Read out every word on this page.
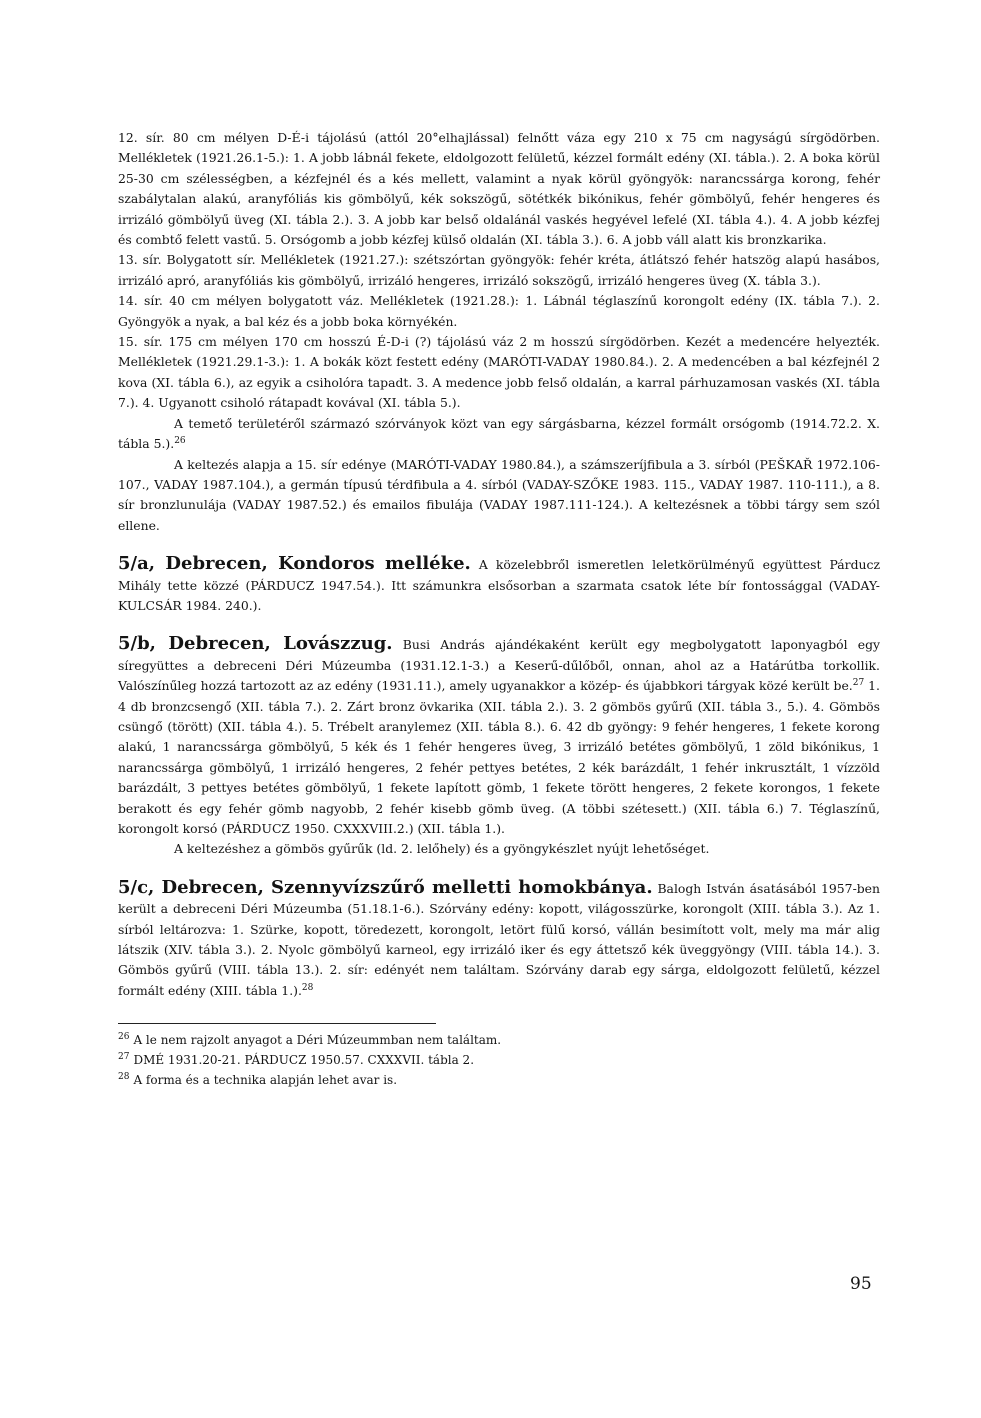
12. sír. 80 cm mélyen D-É-i tájolású (attól 20°elhajlással) felnőtt váza egy 210 x 75 cm nagyságú sírgödörben. Mellékletek (1921.26.1-5.): 1. A jobb lábnál fekete, eldolgozott felületű, kézzel formált edény (XI. tábla.). 2. A boka körül 25-30 cm szélességben, a kézfejnél és a kés mellett, valamint a nyak körül gyöngyök: narancssárga korong, fehér szabálytalan alakú, aranyfóliás kis gömbölyű, kék sokszögű, sötétkék bikónikus, fehér gömbölyű, fehér hengeres és irrizáló gömbölyű üveg (XI. tábla 2.). 3. A jobb kar belső oldalánál vaskés hegyével lefelé (XI. tábla 4.). 4. A jobb kézfej és combtő felett vastű. 5. Orsógomb a jobb kézfej külső oldalán (XI. tábla 3.). 6. A jobb váll alatt kis bronzkarika.

13. sír. Bolygatott sír. Mellékletek (1921.27.): szétszórtan gyöngyök: fehér kréta, átlátszó fehér hatszög alapú hasábos, irrizáló apró, aranyfóliás kis gömbölyű, irrizáló hengeres, irrizáló sokszögű, irrizáló hengeres üveg (X. tábla 3.).

14. sír. 40 cm mélyen bolygatott váz. Mellékletek (1921.28.): 1. Lábnál téglaszínű korongolt edény (IX. tábla 7.). 2. Gyöngyök a nyak, a bal kéz és a jobb boka környékén.

15. sír. 175 cm mélyen 170 cm hosszú É-D-i (?) tájolású váz 2 m hosszú sírgödörben. Kezét a medencére helyezték. Mellékletek (1921.29.1-3.): 1. A bokák közt festett edény (MARÓTI-VADAY 1980.84.). 2. A medencében a bal kézfejnél 2 kova (XI. tábla 6.), az egyik a csiholóra tapadt. 3. A medence jobb felső oldalán, a karral párhuzamosan vaskés (XI. tábla 7.). 4. Ugyanott csiholó rátapadt kovával (XI. tábla 5.).

A temető területéről származó szórványok közt van egy sárgásbarna, kézzel formált orsógomb (1914.72.2. X. tábla 5.).$^{26}$

A keltezés alapja a 15. sír edénye (MARÓTI-VADAY 1980.84.), a számszeríjfibula a 3. sírból (PEŠKAŘ 1972.106-107., VADAY 1987.104.), a germán típusú térdfibula a 4. sírból (VADAY-SZŐKE 1983. 115., VADAY 1987. 110-111.), a 8. sír bronzlunulája (VADAY 1987.52.) és emailos fibulája (VADAY 1987.111-124.). A keltezésnek a többi tárgy sem szól ellene.

5/a, Debrecen, Kondoros melléke. A közelebbről ismeretlen leletkörülményű együttest Párducz Mihály tette közzé (PÁRDUCZ 1947.54.). Itt számunkra elsősorban a szarmata csatok léte bír fontossággal (VADAY-KULCSÁR 1984. 240.).

5/b, Debrecen, Lovászzug. Busi András ajándékaként került egy megbolygatott laponyagból egy síregyüttes a debreceni Déri Múzeumba (1931.12.1-3.) a Keserű-dűlőből, onnan, ahol az a Határútba torkollik. Valószínűleg hozzá tartozott az az edény (1931.11.), amely ugyanakkor a közép- és újabbkori tárgyak közé került be.$^{27}$ 1. 4 db bronzcsengő (XII. tábla 7.). 2. Zárt bronz övkarika (XII. tábla 2.). 3. 2 gömbös gyűrű (XII. tábla 3., 5.). 4. Gömbös csüngő (törött) (XII. tábla 4.). 5. Trébelt aranylemez (XII. tábla 8.). 6. 42 db gyöngy: 9 fehér hengeres, 1 fekete korong alakú, 1 narancssárga gömbölyű, 5 kék és 1 fehér hengeres üveg, 3 irrizáló betétes gömbölyű, 1 zöld bikónikus, 1 narancssárga gömbölyű, 1 irrizáló hengeres, 2 fehér pettyes betétes, 2 kék barázdált, 1 fehér inkrusztált, 1 vízzöld barázdált, 3 pettyes betétes gömbölyű, 1 fekete lapított gömb, 1 fekete törött hengeres, 2 fekete korongos, 1 fekete berakott és egy fehér gömb nagyobb, 2 fehér kisebb gömb üveg. (A többi szétesett.) (XII. tábla 6.) 7. Téglaszínű, korongolt korsó (PÁRDUCZ 1950. CXXXVIII.2.) (XII. tábla 1.).

A keltezéshez a gömbös gyűrűk (ld. 2. lelőhely) és a gyöngykészlet nyújt lehetőséget.

5/c, Debrecen, Szennyvízszűrő melletti homokbánya. Balogh István ásatásából 1957-ben került a debreceni Déri Múzeumba (51.18.1-6.). Szórvány edény: kopott, világosszürke, korongolt (XIII. tábla 3.). Az 1. sírból leltározva: 1. Szürke, kopott, töredezett, korongolt, letört fülű korsó, vállán besimított volt, mely ma már alig látszik (XIV. tábla 3.). 2. Nyolc gömbölyű karneol, egy irrizáló iker és egy áttetsző kék üveggyöngy (VIII. tábla 14.). 3. Gömbös gyűrű (VIII. tábla 13.). 2. sír: edényét nem találtam. Szórvány darab egy sárga, eldolgozott felületű, kézzel formált edény (XIII. tábla 1.).$^{28}$

$^{26}$ A le nem rajzolt anyagot a Déri Múzeummban nem találtam.

$^{27}$ DMÉ 1931.20-21. PÁRDUCZ 1950.57. CXXXVII. tábla 2.

$^{28}$ A forma és a technika alapján lehet avar is.

95
